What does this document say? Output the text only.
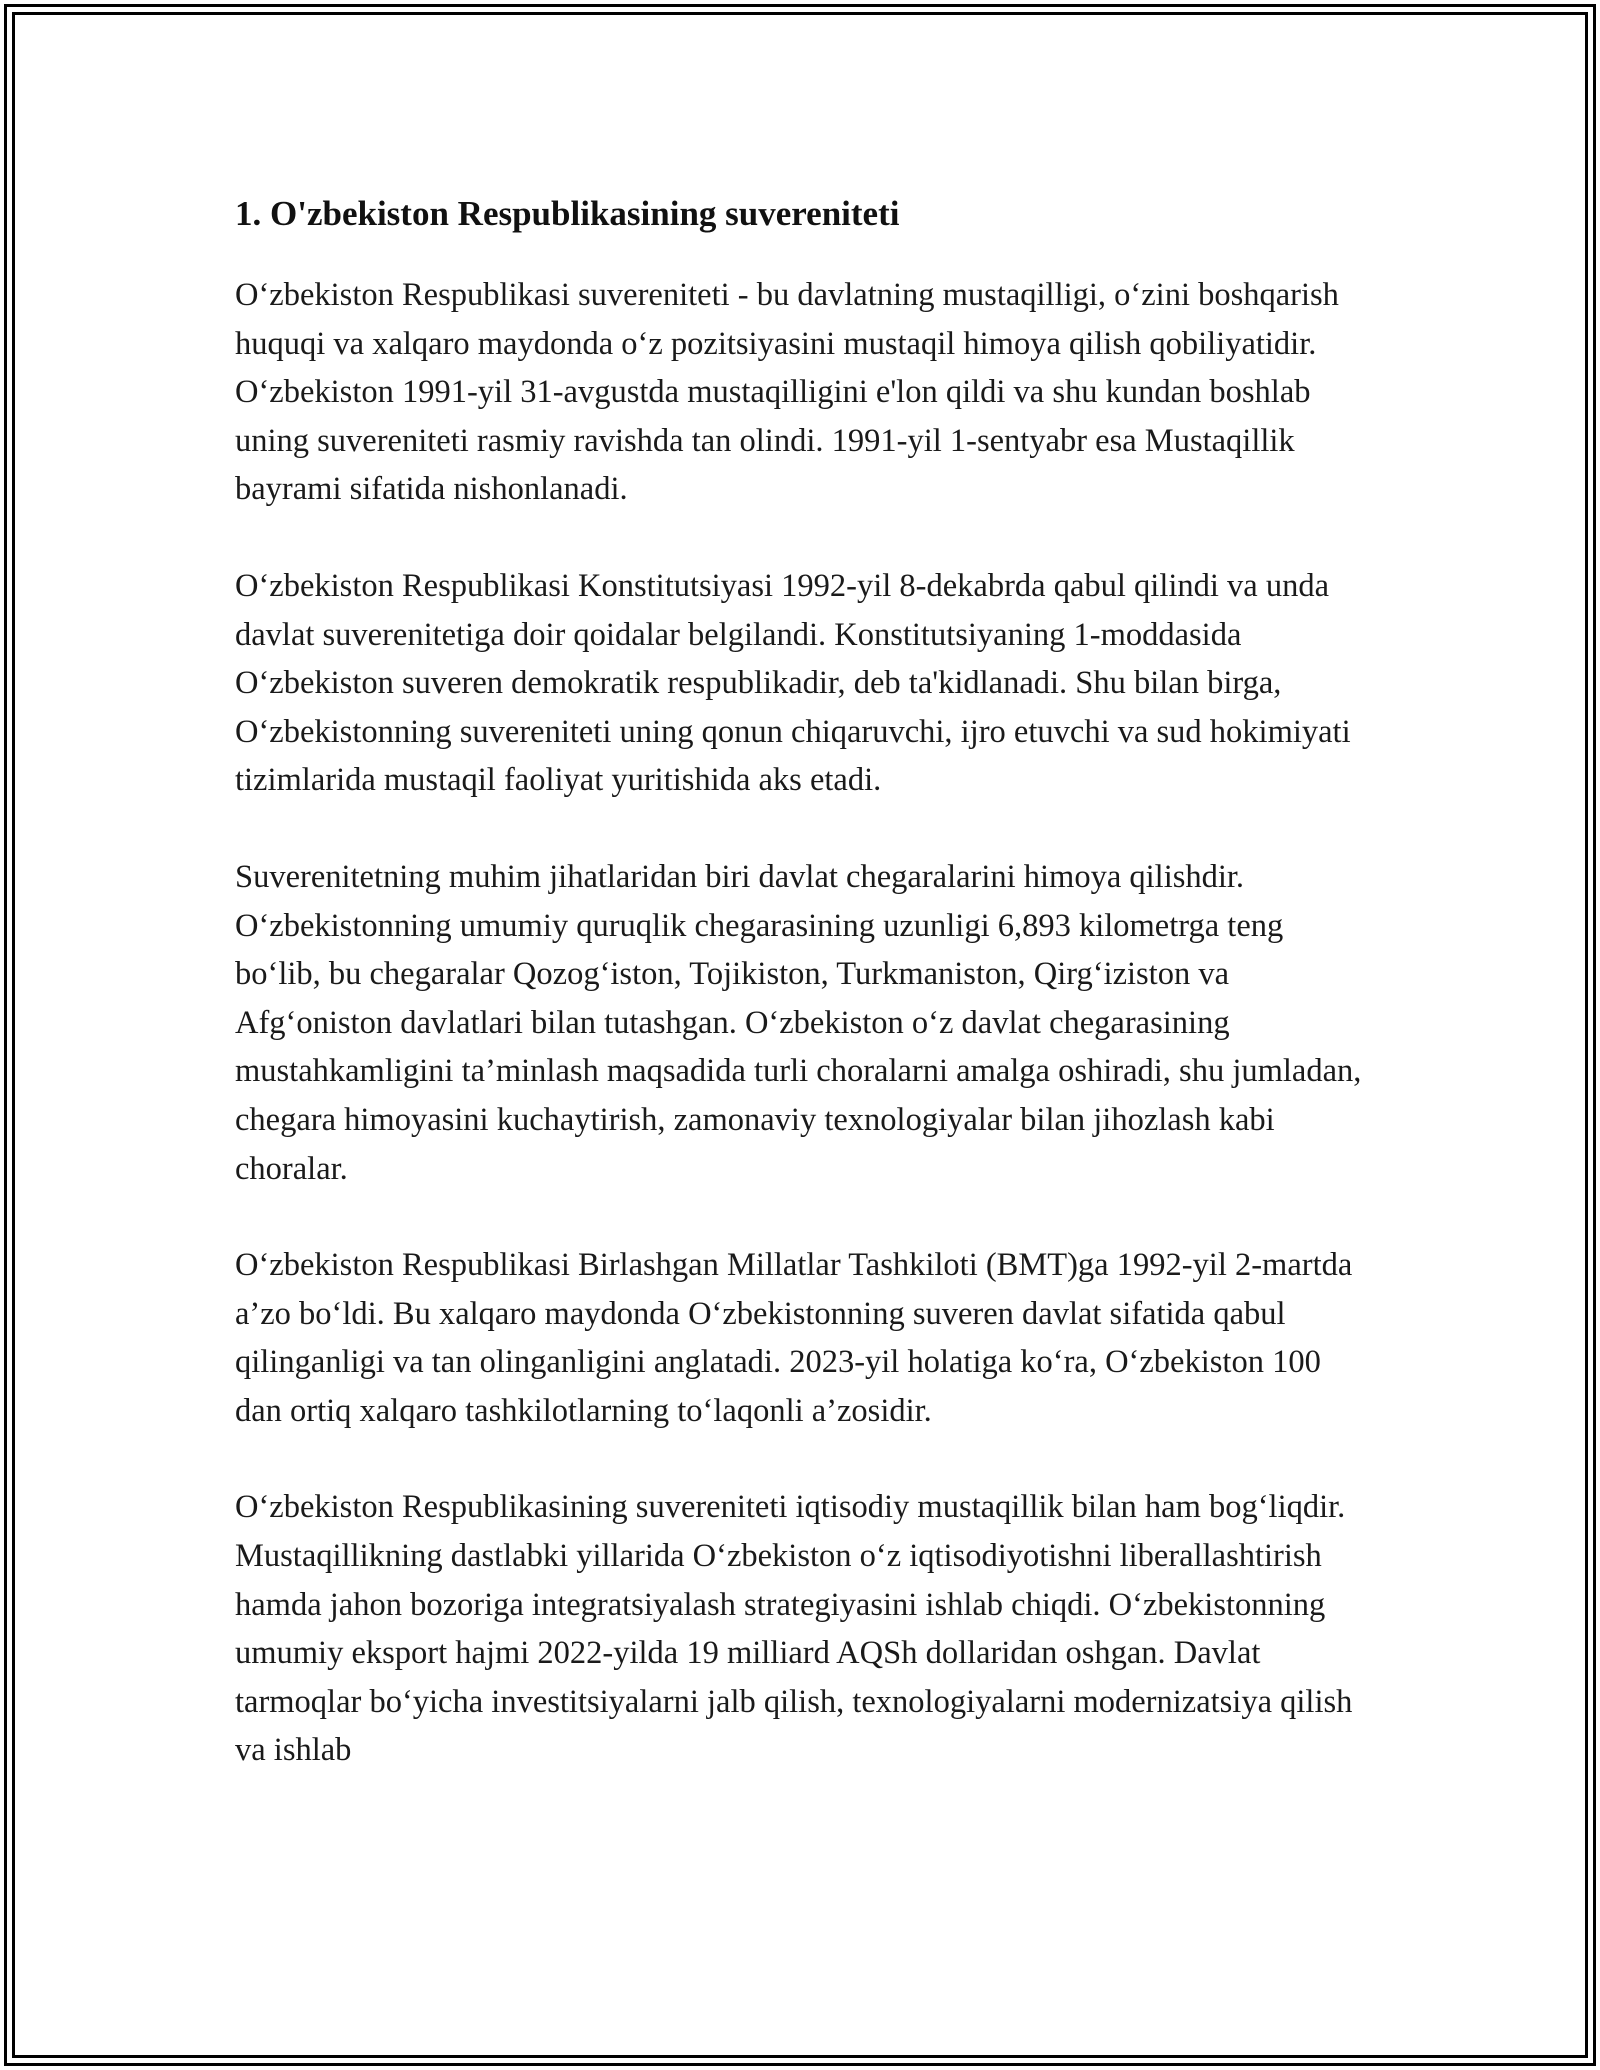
1. O'zbekiston Respublikasining suvereniteti

O‘zbekiston Respublikasi suvereniteti - bu davlatning mustaqilligi, o‘zini boshqarish huquqi va xalqaro maydonda o‘z pozitsiyasini mustaqil himoya qilish qobiliyatidir. O‘zbekiston 1991-yil 31-avgustda mustaqilligini e'lon qildi va shu kundan boshlab uning suvereniteti rasmiy ravishda tan olindi. 1991-yil 1-sentyabr esa Mustaqillik bayrami sifatida nishonlanadi.

O‘zbekiston Respublikasi Konstitutsiyasi 1992-yil 8-dekabrda qabul qilindi va unda davlat suverenitetiga doir qoidalar belgilandi. Konstitutsiyaning 1-moddasida O‘zbekiston suveren demokratik respublikadir, deb ta'kidlanadi. Shu bilan birga, O‘zbekistonning suvereniteti uning qonun chiqaruvchi, ijro etuvchi va sud hokimiyati tizimlarida mustaqil faoliyat yuritishida aks etadi.

Suverenitetning muhim jihatlaridan biri davlat chegaralarini himoya qilishdir. O‘zbekistonning umumiy quruqlik chegarasining uzunligi 6,893 kilometrga teng bo‘lib, bu chegaralar Qozog‘iston, Tojikiston, Turkmaniston, Qirg‘iziston va Afg‘oniston davlatlari bilan tutashgan. O‘zbekiston o‘z davlat chegarasining mustahkamligini ta’minlash maqsadida turli choralarni amalga oshiradi, shu jumladan, chegara himoyasini kuchaytirish, zamonaviy texnologiyalar bilan jihozlash kabi choralar.

O‘zbekiston Respublikasi Birlashgan Millatlar Tashkiloti (BMT)ga 1992-yil 2-martda a’zo bo‘ldi. Bu xalqaro maydonda O‘zbekistonning suveren davlat sifatida qabul qilinganligi va tan olinganligini anglatadi. 2023-yil holatiga ko‘ra, O‘zbekiston 100 dan ortiq xalqaro tashkilotlarning to‘laqonli a’zosidir.

O‘zbekiston Respublikasining suvereniteti iqtisodiy mustaqillik bilan ham bog‘liqdir. Mustaqillikning dastlabki yillarida O‘zbekiston o‘z iqtisodiyotishni liberallashtirish hamda jahon bozoriga integratsiyalash strategiyasini ishlab chiqdi. O‘zbekistonning umumiy eksport hajmi 2022-yilda 19 milliard AQSh dollaridan oshgan. Davlat tarmoqlar bo‘yicha investitsiyalarni jalb qilish, texnologiyalarni modernizatsiya qilish va ishlab
